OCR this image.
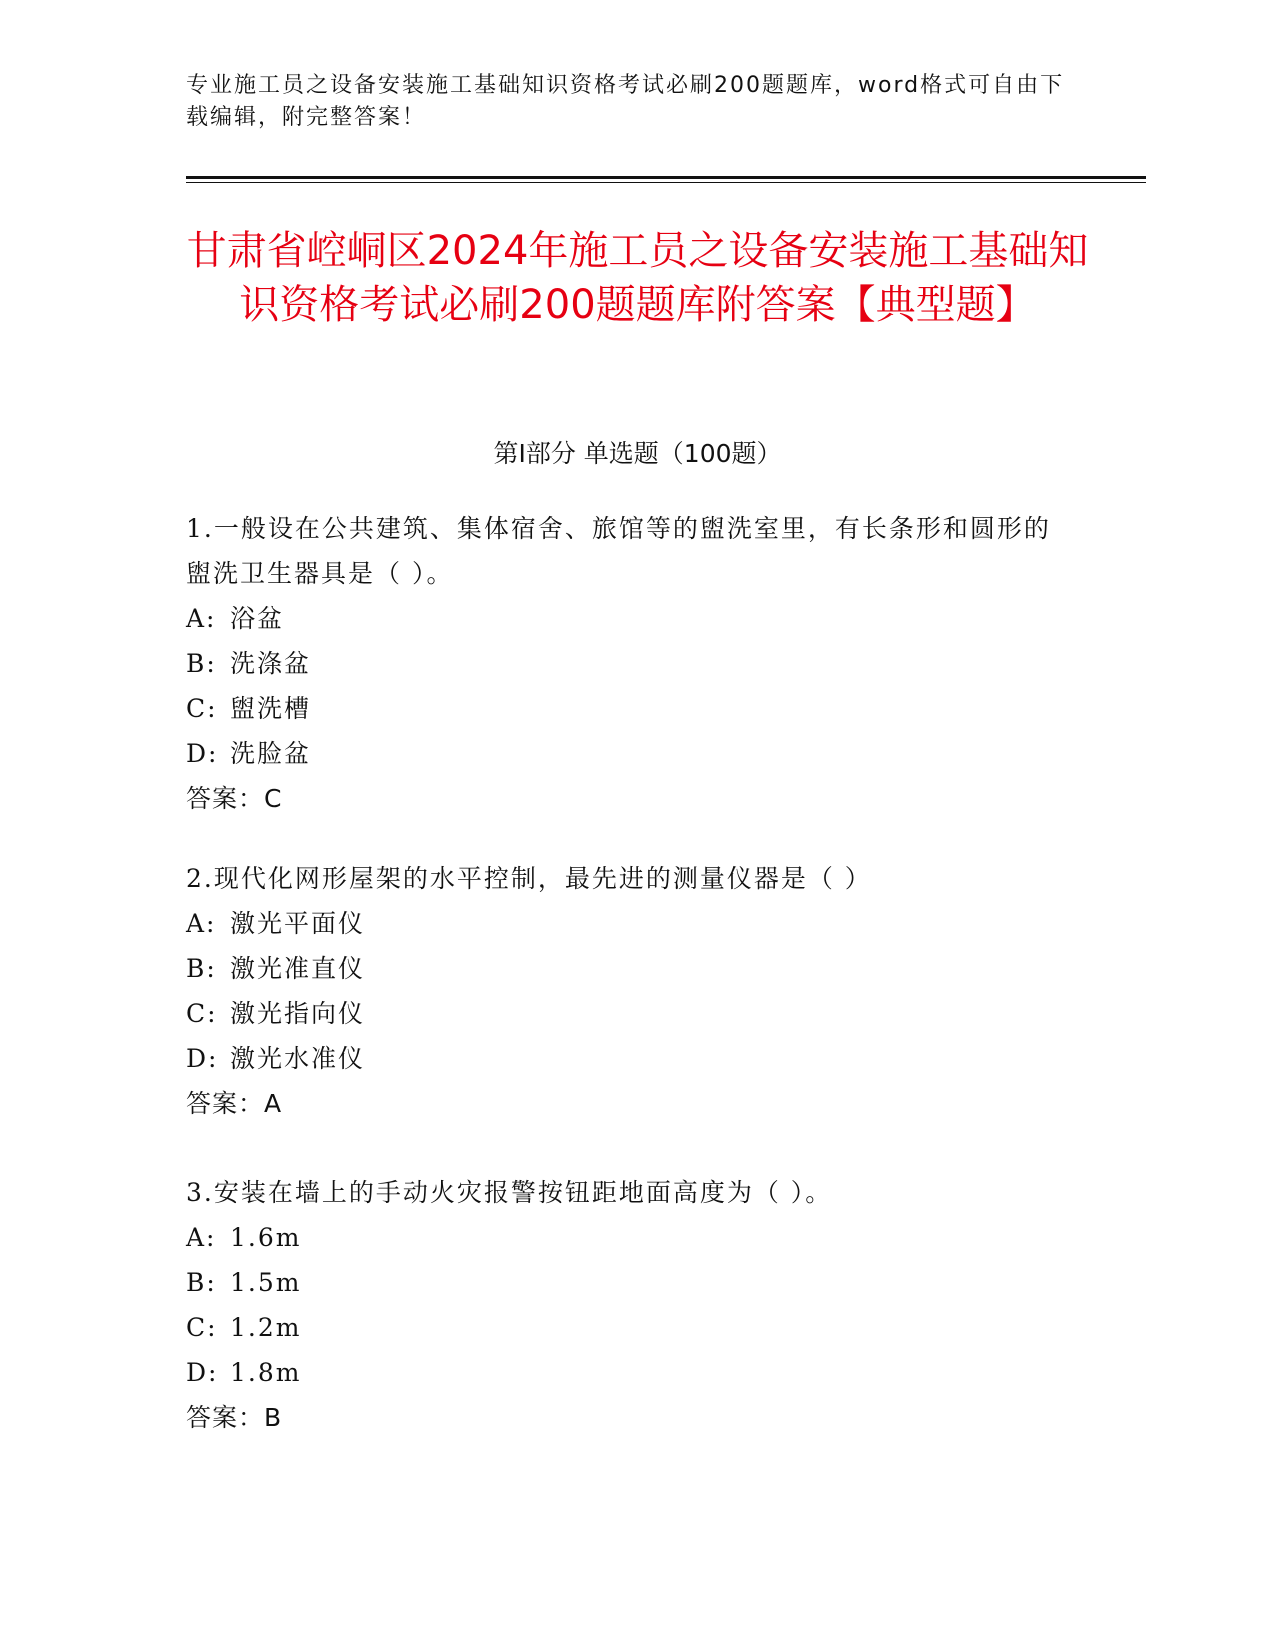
专业施工员之设备安装施工基础知识资格考试必刷200题题库，word格式可自由下载编辑，附完整答案！
甘肃省崆峒区2024年施工员之设备安装施工基础知识资格考试必刷200题题库附答案【典型题】
第Ⅰ部分 单选题（100题）
1.一般设在公共建筑、集体宿舍、旅馆等的盥洗室里，有长条形和圆形的盥洗卫生器具是（ ）。
A: 浴盆
B: 洗涤盆
C: 盥洗槽
D: 洗脸盆
答案：C
2.现代化网形屋架的水平控制，最先进的测量仪器是（ ）
A: 激光平面仪
B: 激光准直仪
C: 激光指向仪
D: 激光水准仪
答案：A
3.安装在墙上的手动火灾报警按钮距地面高度为（ ）。
A: 1.6m
B: 1.5m
C: 1.2m
D: 1.8m
答案：B
